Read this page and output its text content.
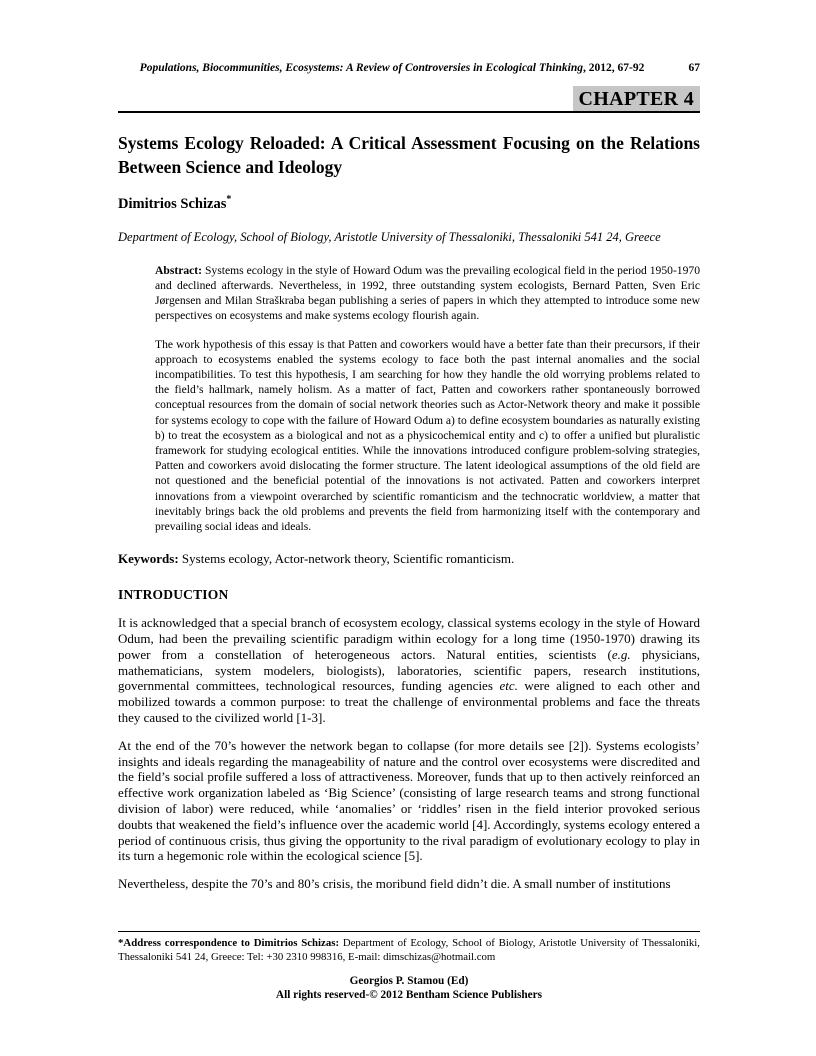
Populations, Biocommunities, Ecosystems: A Review of Controversies in Ecological Thinking, 2012, 67-92	67
CHAPTER 4
Systems Ecology Reloaded: A Critical Assessment Focusing on the Relations Between Science and Ideology
Dimitrios Schizas*
Department of Ecology, School of Biology, Aristotle University of Thessaloniki, Thessaloniki 541 24, Greece

Abstract: Systems ecology in the style of Howard Odum was the prevailing ecological field in the period 1950-1970 and declined afterwards. Nevertheless, in 1992, three outstanding system ecologists, Bernard Patten, Sven Eric Jørgensen and Milan Straškraba began publishing a series of papers in which they attempted to introduce some new perspectives on ecosystems and make systems ecology flourish again.

The work hypothesis of this essay is that Patten and coworkers would have a better fate than their precursors, if their approach to ecosystems enabled the systems ecology to face both the past internal anomalies and the social incompatibilities. To test this hypothesis, I am searching for how they handle the old worrying problems related to the field’s hallmark, namely holism. As a matter of fact, Patten and coworkers rather spontaneously borrowed conceptual resources from the domain of social network theories such as Actor-Network theory and make it possible for systems ecology to cope with the failure of Howard Odum a) to define ecosystem boundaries as naturally existing b) to treat the ecosystem as a biological and not as a physicochemical entity and c) to offer a unified but pluralistic framework for studying ecological entities. While the innovations introduced configure problem-solving strategies, Patten and coworkers avoid dislocating the former structure. The latent ideological assumptions of the old field are not questioned and the beneficial potential of the innovations is not activated. Patten and coworkers interpret innovations from a viewpoint overarched by scientific romanticism and the technocratic worldview, a matter that inevitably brings back the old problems and prevents the field from harmonizing itself with the contemporary and prevailing social ideas and ideals.

Keywords: Systems ecology, Actor-network theory, Scientific romanticism.
INTRODUCTION

It is acknowledged that a special branch of ecosystem ecology, classical systems ecology in the style of Howard Odum, had been the prevailing scientific paradigm within ecology for a long time (1950-1970) drawing its power from a constellation of heterogeneous actors. Natural entities, scientists (e.g. physicians, mathematicians, system modelers, biologists), laboratories, scientific papers, research institutions, governmental committees, technological resources, funding agencies etc. were aligned to each other and mobilized towards a common purpose: to treat the challenge of environmental problems and face the threats they caused to the civilized world [1-3].

At the end of the 70’s however the network began to collapse (for more details see [2]). Systems ecologists’ insights and ideals regarding the manageability of nature and the control over ecosystems were discredited and the field’s social profile suffered a loss of attractiveness. Moreover, funds that up to then actively reinforced an effective work organization labeled as ‘Big Science’ (consisting of large research teams and strong functional division of labor) were reduced, while ‘anomalies’ or ‘riddles’ risen in the field interior provoked serious doubts that weakened the field’s influence over the academic world [4]. Accordingly, systems ecology entered a period of continuous crisis, thus giving the opportunity to the rival paradigm of evolutionary ecology to play in its turn a hegemonic role within the ecological science [5].

Nevertheless, despite the 70’s and 80’s crisis, the moribund field didn’t die. A small number of institutions

*Address correspondence to Dimitrios Schizas: Department of Ecology, School of Biology, Aristotle University of Thessaloniki, Thessaloniki 541 24, Greece: Tel: +30 2310 998316, E-mail: dimschizas@hotmail.com
Georgios P. Stamou (Ed)
All rights reserved-© 2012 Bentham Science Publishers
